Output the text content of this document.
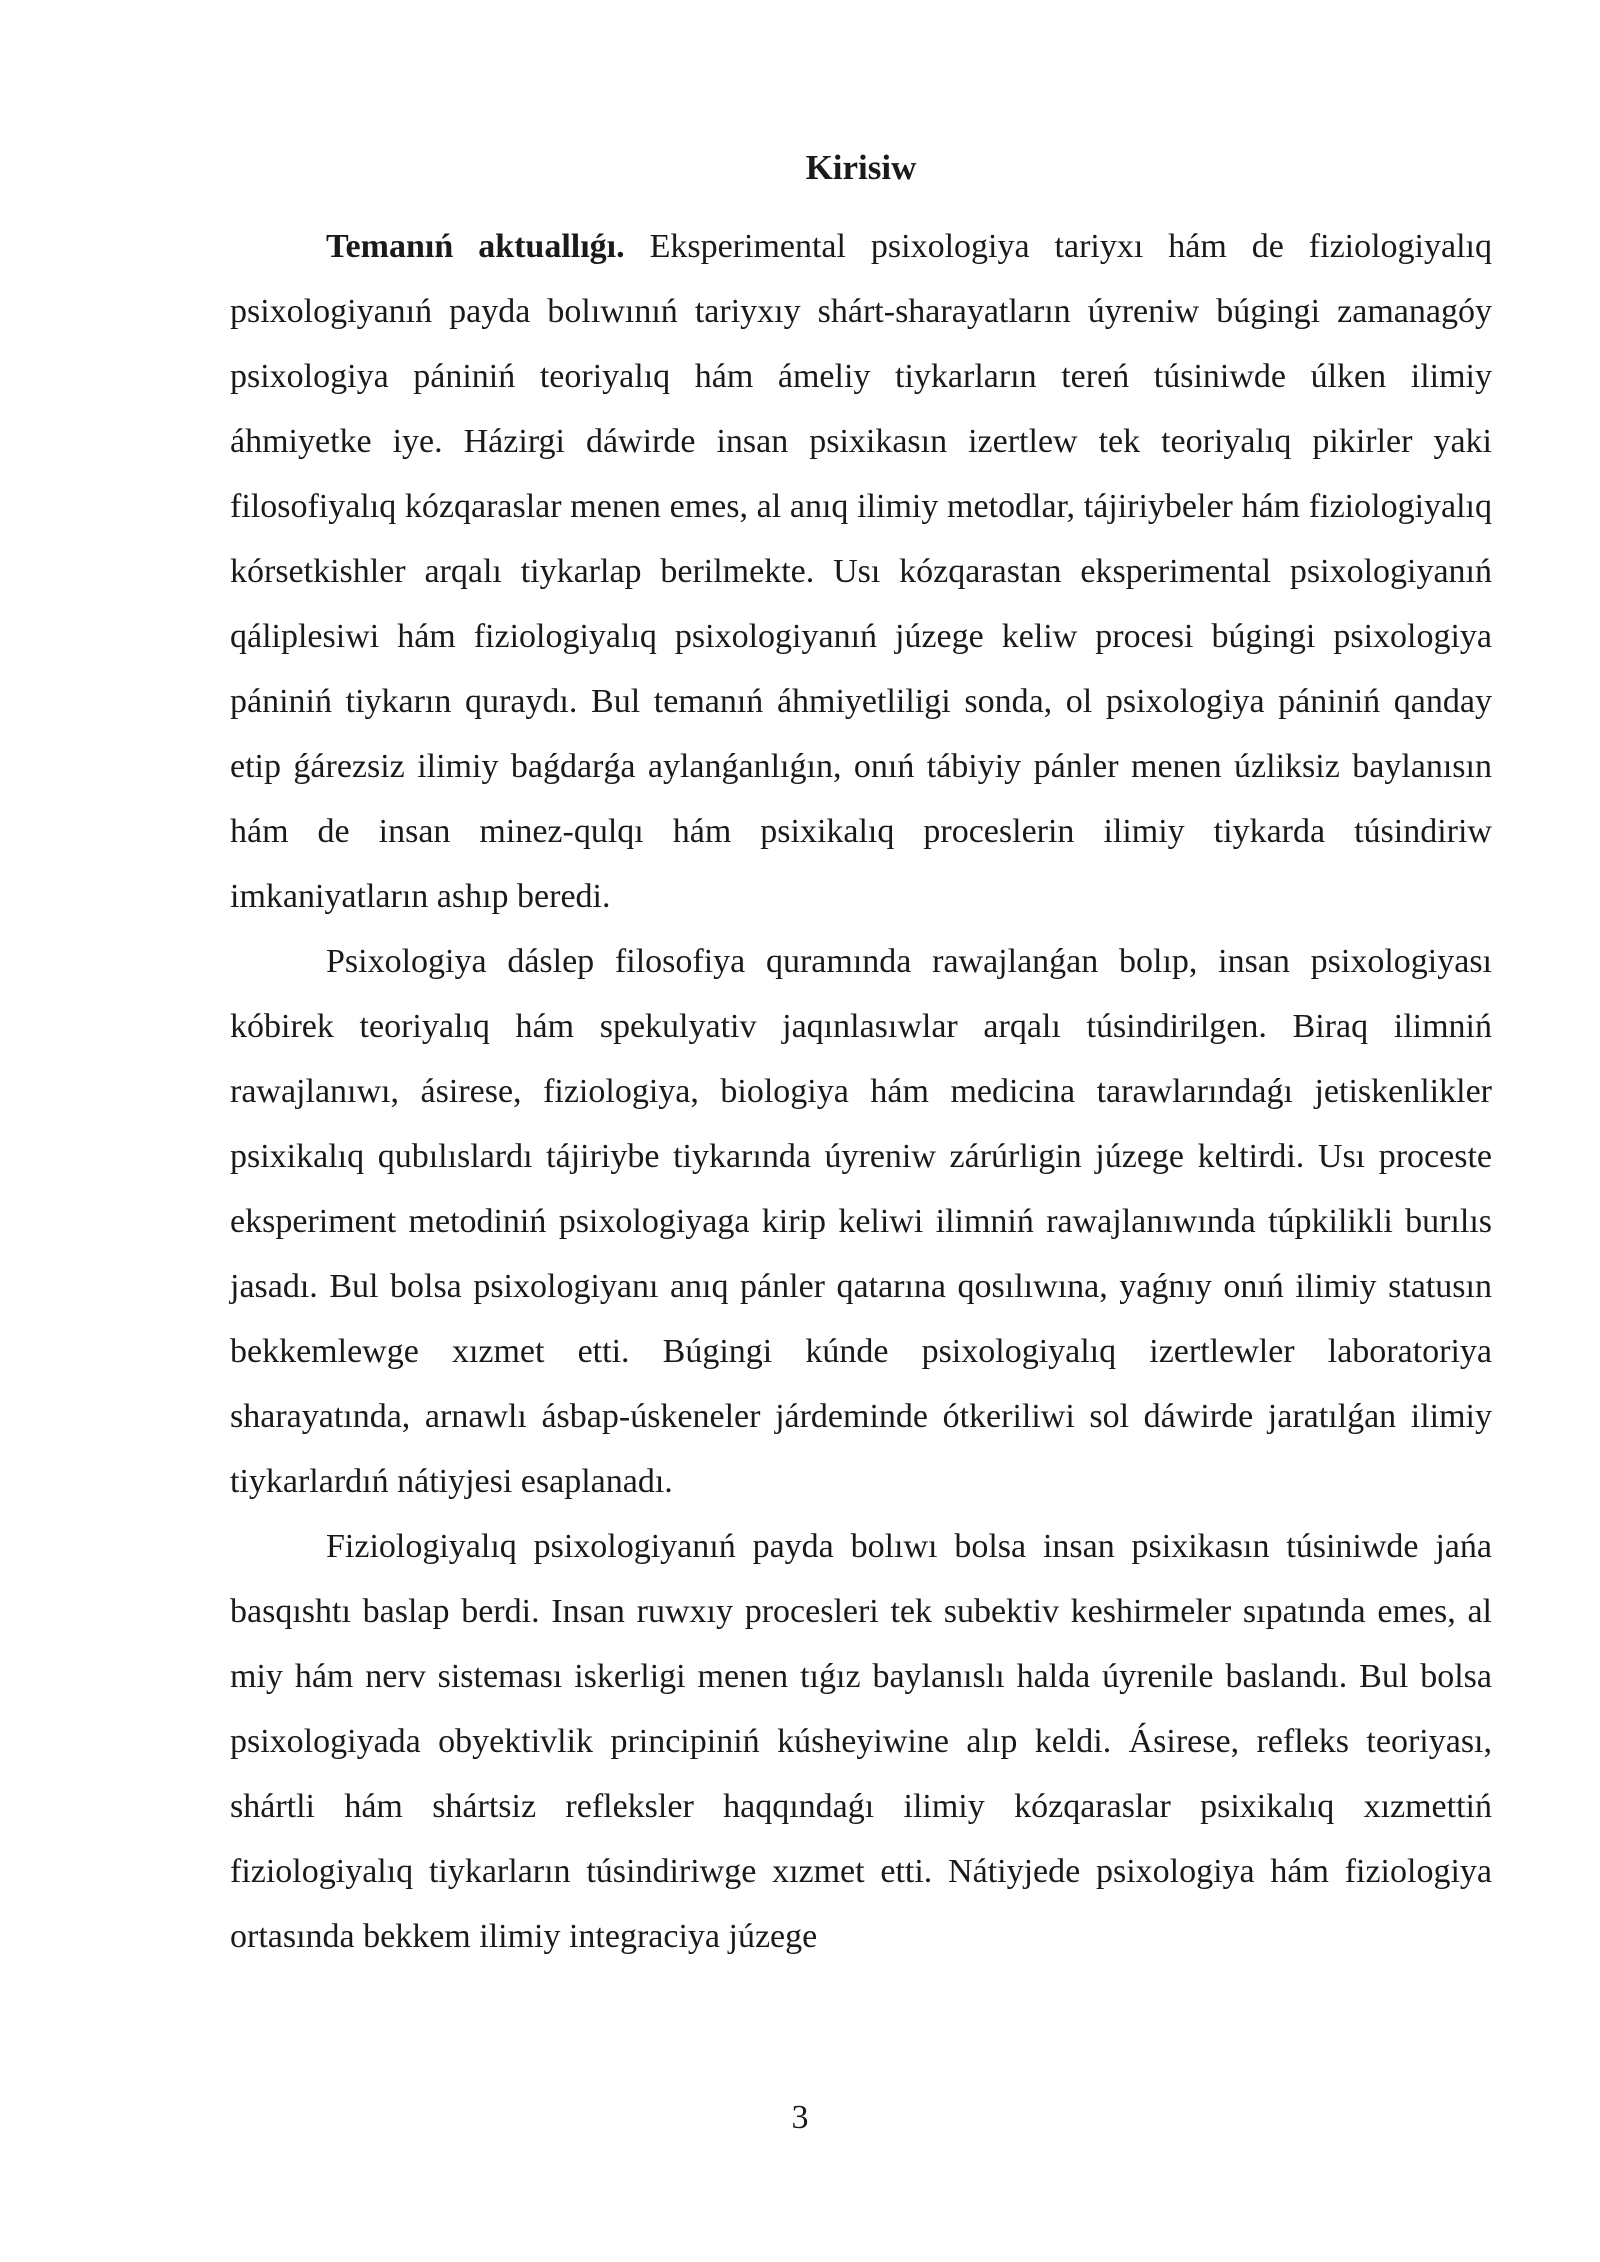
Kirisiw

Temanıń aktuallıǵı. Eksperimental psixologiya tariyxı hám de fiziologiyalıq psixologiyanıń payda bolıwınıń tariyxıy shárt-sharayatların úyreniw búgingi zamanagóy psixologiya pániniń teoriyalıq hám ámeliy tiykarların tereń túsiniwde úlken ilimiy áhmiyetke iye. Házirgi dáwirde insan psixikasın izertlew tek teoriyalıq pikirler yaki filosofiyalıq kózqaraslar menen emes, al anıq ilimiy metodlar, tájiriybeler hám fiziologiyalıq kórsetkishler arqalı tiykarlap berilmekte. Usı kózqarastan eksperimental psixologiyanıń qáliplesiwi hám fiziologiyalıq psixologiyanıń júzege keliw procesi búgingi psixologiya pániniń tiykarın quraydı. Bul temanıń áhmiyetliligi sonda, ol psixologiya pániniń qanday etip ǵárezsiz ilimiy baǵdarǵa aylanǵanlıǵın, onıń tábiyiy pánler menen úzliksiz baylanısın hám de insan minez-qulqı hám psixikalıq proceslerin ilimiy tiykarda túsindiriw imkaniyatların ashıp beredi.

Psixologiya dáslep filosofiya quramında rawajlanǵan bolıp, insan psixologiyası kóbirek teoriyalıq hám spekulyativ jaqınlasıwlar arqalı túsindirilgen. Biraq ilimniń rawajlanıwı, ásirese, fiziologiya, biologiya hám medicina tarawlarındaǵı jetiskenlikler psixikalıq qubılıslardı tájiriybe tiykarında úyreniw zárúrligin júzege keltirdi. Usı proceste eksperiment metodiniń psixologiyaga kirip keliwi ilimniń rawajlanıwında túpkilikli burılıs jasadı. Bul bolsa psixologiyanı anıq pánler qatarına qosılıwına, yaǵnıy onıń ilimiy statusın bekkemlewge xızmet etti. Búgingi kúnde psixologiyalıq izertlewler laboratoriya sharayatında, arnawlı ásbap-úskeneler járdeminde ótkeriliwi sol dáwirde jaratılǵan ilimiy tiykarlardıń nátiyjesi esaplanadı.

Fiziologiyalıq psixologiyanıń payda bolıwı bolsa insan psixikasın túsiniwde jańa basqıshtı baslap berdi. Insan ruwxıy procesleri tek subektiv keshirmeler sıpatında emes, al miy hám nerv sisteması iskerligi menen tıǵız baylanıslı halda úyrenile baslandı. Bul bolsa psixologiyada obyektivlik principiniń kúsheyiwine alıp keldi. Ásirese, refleks teoriyası, shártli hám shártsiz refleksler haqqındaǵı ilimiy kózqaraslar psixikalıq xızmettiń fiziologiyalıq tiykarların túsindiriwge xızmet etti. Nátiyjede psixologiya hám fiziologiya ortasında bekkem ilimiy integraciya júzege

3
